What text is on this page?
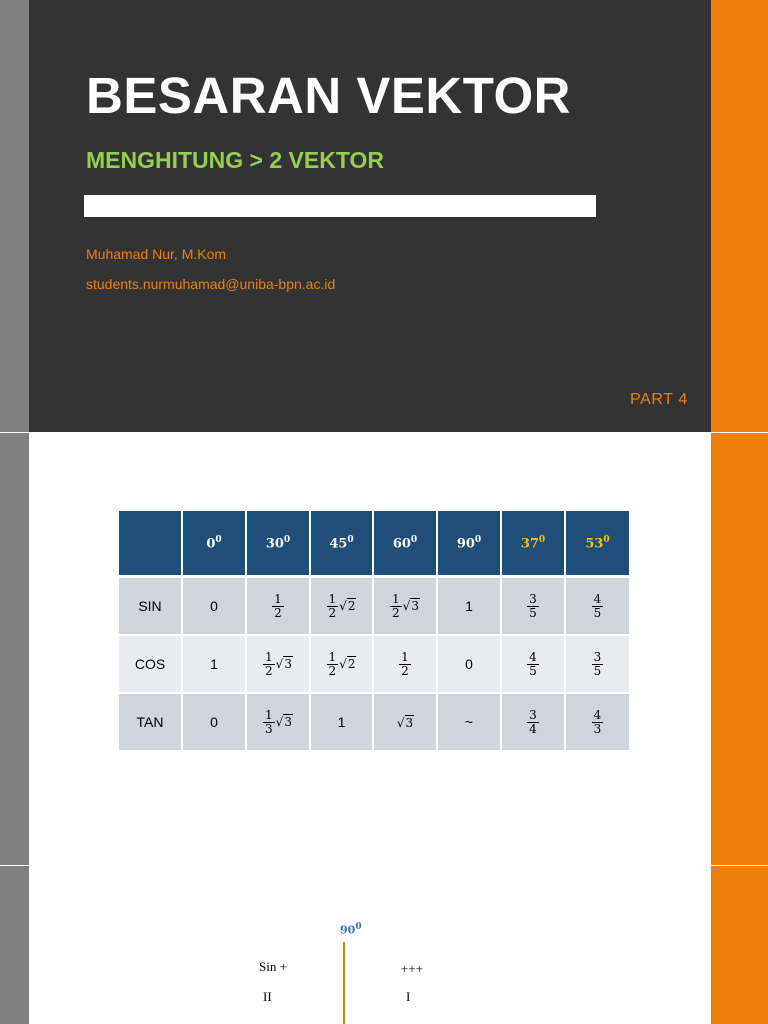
BESARAN VEKTOR
MENGHITUNG > 2 VEKTOR
Muhamad Nur, M.Kom
students.nurmuhamad@uniba-bpn.ac.id
PART 4
	$0^0$	$30^0$	$45^0$	$60^0$	$90^0$	$37^0$	$53^0$
SIN	0	$\frac{1}{2}$	$\frac{1}{2} √2$	$\frac{1}{2} √3$	1	$\frac{3}{5}$	$\frac{4}{5}$

COS	1	$\frac{1}{2} √3$	$\frac{1}{2} √2$	$\frac{1}{2}$	0	$\frac{4}{5}$	$\frac{3}{5}$

TAN	0	$\frac{1}{3} √3$	1	√3	~	$\frac{3}{4}$	$\frac{4}{3}$
$90^0$
Sin +	+++
II	I
